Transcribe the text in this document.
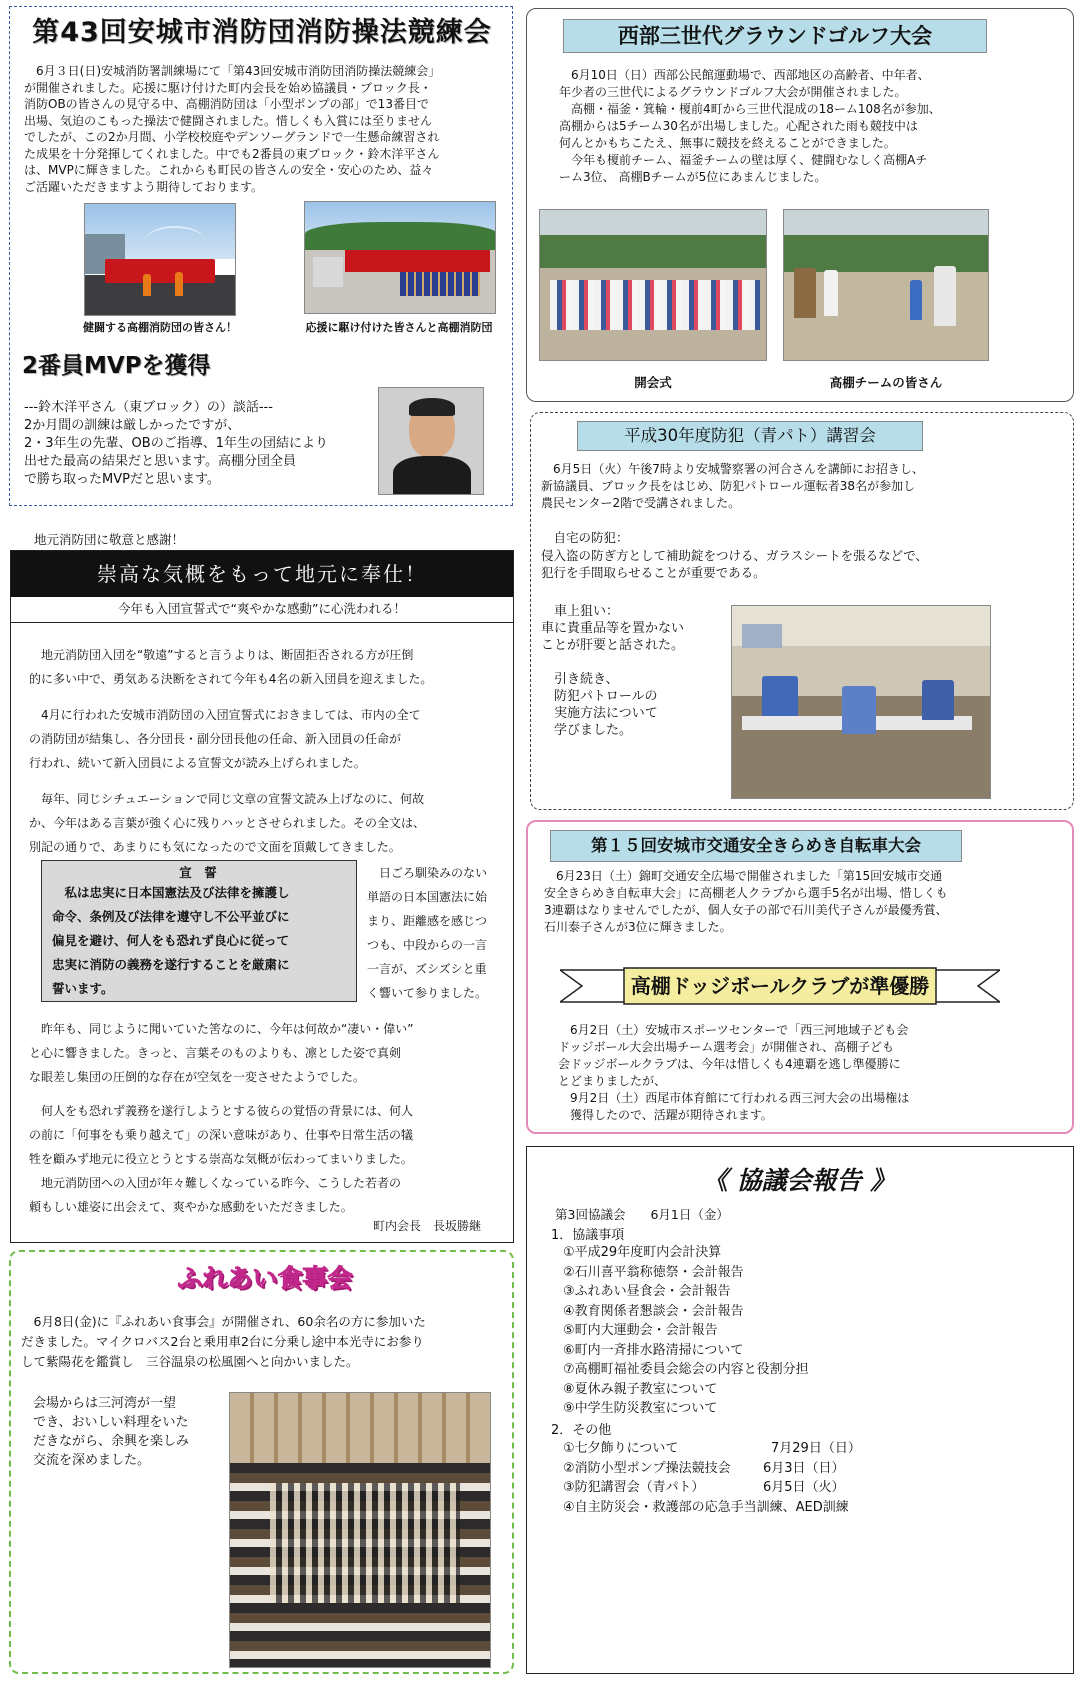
第43回安城市消防団消防操法競練会
　6月３日(日)安城消防署訓練場にて「第43回安城市消防団消防操法競練会」
が開催されました。応援に駆け付けた町内会長を始め協議員・ブロック長・
消防OBの皆さんの見守る中、高棚消防団は「小型ポンプの部」で13番目で
出場、気迫のこもった操法で健闘されました。惜しくも入賞には至りません
でしたが、この2か月間、小学校校庭やデンソーグランドで一生懸命練習され
た成果を十分発揮してくれました。中でも2番員の東ブロック・鈴木洋平さん
は、MVPに輝きました。これからも町民の皆さんの安全・安心のため、益々
ご活躍いただきますよう期待しております。
健闘する高棚消防団の皆さん！	応援に駆け付けた皆さんと高棚消防団
2番員MVPを獲得
---鈴木洋平さん（東ブロック）の）談話---
2か月間の訓練は厳しかったですが、
2・3年生の先輩、OBのご指導、1年生の団結により
出せた最高の結果だと思います。高棚分団全員
で勝ち取ったMVPだと思います。
西部三世代グラウンドゴルフ大会
　6月10日（日）西部公民館運動場で、西部地区の高齢者、中年者、
年少者の三世代によるグラウンドゴルフ大会が開催されました。
　高棚・福釜・箕輪・榎前4町から三世代混成の18ーム108名が参加、
高棚からは5チーム30名が出場しました。心配された雨も競技中は
何んとかもちこたえ、無事に競技を終えることができました。
　今年も榎前チーム、福釜チームの壁は厚く、健闘むなしく高棚Aチ
ーム3位、 高棚Bチームが5位にあまんじました。
開会式	高棚チームの皆さん
平成30年度防犯（青パト）講習会
　6月5日（火）午後7時より安城警察署の河合さんを講師にお招きし、
新協議員、ブロック長をはじめ、防犯パトロール運転者38名が参加し
農民センター2階で受講されました。
　自宅の防犯：
侵入盗の防ぎ方として補助錠をつける、ガラスシートを張るなどで、
犯行を手間取らせることが重要である。
　車上狙い：
車に貴重品等を置かない
ことが肝要と話された。

　引き続き、
　防犯パトロールの
　実施方法について
　学びました。
地元消防団に敬意と感謝！
崇高な気概をもって地元に奉仕！
今年も入団宣誓式で“爽やかな感動”に心洗われる！
　地元消防団入団を“敬遠”すると言うよりは、断固拒否される方が圧倒
的に多い中で、勇気ある決断をされて今年も4名の新入団員を迎えました。
　4月に行われた安城市消防団の入団宣誓式におきましては、市内の全て
の消防団が結集し、各分団長・副分団長他の任命、新入団員の任命が
行われ、続いて新入団員による宣誓文が読み上げられました。
　毎年、同じシチュエーションで同じ文章の宣誓文読み上げなのに、何故
か、今年はある言葉が強く心に残りハッとさせられました。その全文は、
別記の通りで、あまりにも気になったので文面を頂戴してきました。
宣　誓
　私は忠実に日本国憲法及び法律を擁護し
命令、条例及び法律を遵守し不公平並びに
偏見を避け、何人をも恐れず良心に従って
忠実に消防の義務を遂行することを厳粛に
誓います。
　日ごろ馴染みのない
単語の日本国憲法に始
まり、距離感を感じつ
つも、中段からの一言
一言が、ズシズシと重
く響いて参りました。
　昨年も、同じように聞いていた筈なのに、今年は何故か“凄い・偉い”
と心に響きました。きっと、言葉そのものよりも、凛とした姿で真剣
な眼差し集団の圧倒的な存在が空気を一変させたようでした。
　何人をも恐れず義務を遂行しようとする彼らの覚悟の背景には、何人
の前に「何事をも乗り越えて」の深い意味があり、仕事や日常生活の犠
牲を顧みず地元に役立とうとする崇高な気概が伝わってまいりました。
　地元消防団への入団が年々難しくなっている昨今、こうした若者の
頼もしい雄姿に出会えて、爽やかな感動をいただきました。
町内会長　長坂勝継
第１５回安城市交通安全きらめき自転車大会
　6月23日（土）錦町交通安全広場で開催されました「第15回安城市交通
安全きらめき自転車大会」に高棚老人クラブから選手5名が出場、惜しくも
3連覇はなりませんでしたが、個人女子の部で石川美代子さんが最優秀賞、
石川泰子さんが3位に輝きました。
高棚ドッジボールクラブが準優勝
　6月2日（土）安城市スポーツセンターで「西三河地域子ども会
ドッジボール大会出場チーム選考会」が開催され、高棚子ども
会ドッジボールクラブは、今年は惜しくも4連覇を逃し準優勝に
とどまりましたが、
　9月2日（土）西尾市体育館にて行われる西三河大会の出場権は
　獲得したので、活躍が期待されます。
ふれあい食事会
　6月8日(金)に『ふれあい食事会』が開催され、60余名の方に参加いた
だきました。マイクロバス2台と乗用車2台に分乗し途中本光寺にお参り
して紫陽花を鑑賞し　三谷温泉の松風園へと向かいました。
会場からは三河湾が一望
でき、おいしい料理をいた
だきながら、余興を楽しみ
交流を深めました。
《 協議会報告 》
第3回協議会　　6月1日（金）
1．協議事項
①平成29年度町内会計決算
②石川喜平翁称徳祭・会計報告
③ふれあい昼食会・会計報告
④教育関係者懇談会・会計報告
⑤町内大運動会・会計報告
⑥町内一斉排水路清掃について
⑦高棚町福祉委員会総会の内容と役割分担
⑧夏休み親子教室について
⑨中学生防災教室について
2．その他
①七夕飾りについて	7月29日（日）
②消防小型ポンプ操法競技会 6月3日（日）
③防犯講習会（青パト）	6月5日（火）
④自主防災会・救護部の応急手当訓練、AED訓練
